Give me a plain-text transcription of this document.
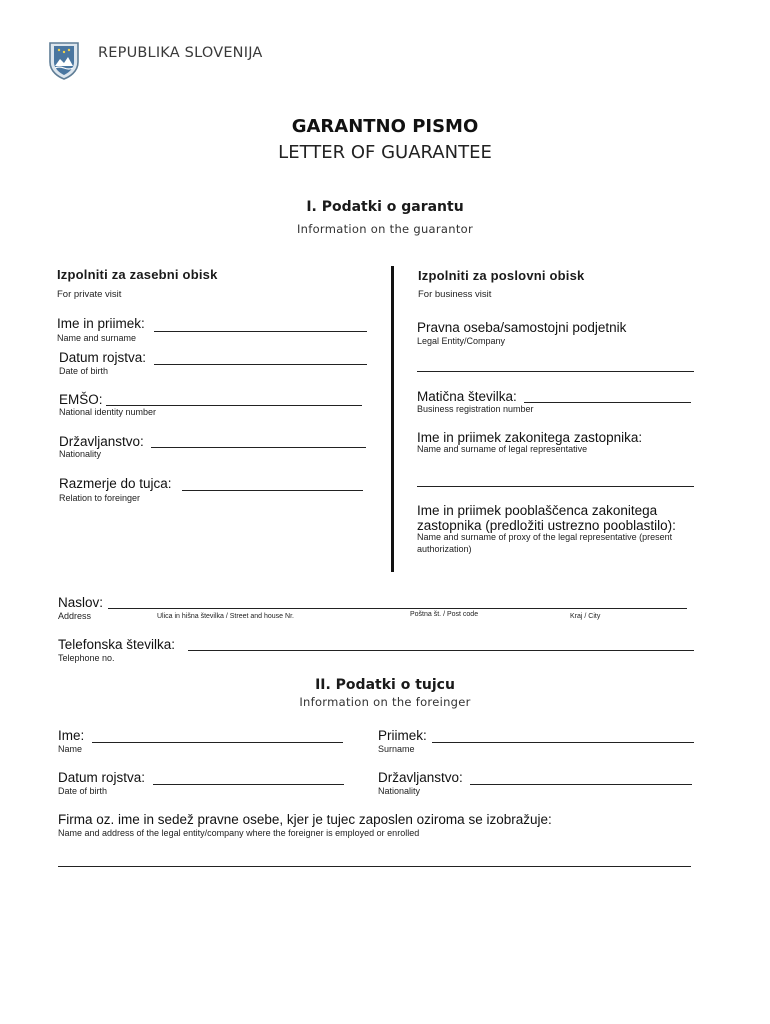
REPUBLIKA SLOVENIJA
GARANTNO PISMO
LETTER OF GUARANTEE
I. Podatki o garantu
Information on the guarantor
Izpolniti za zasebni obisk
For private visit
Ime in priimek:
Name and surname
Datum rojstva:
Date of birth
EMŠO:
National identity number
Državljanstvo:
Nationality
Razmerje do tujca:
Relation to foreinger
Izpolniti za poslovni obisk
For business visit
Pravna oseba/samostojni podjetnik
Legal Entity/Company
Matična številka:
Business registration number
Ime in priimek zakonitega zastopnika:
Name and surname of legal representative
Ime in priimek pooblaščenca zakonitega
zastopnika (predložiti ustrezno pooblastilo):
Name and surname of proxy of the legal representative (present
authorization)
Naslov:
Address	Ulica in hišna številka / Street and house Nr.	Poštna št. / Post code	Kraj / City
Telefonska številka:
Telephone no.
II. Podatki o tujcu
Information on the foreinger
Ime:
Name
Priimek:
Surname
Datum rojstva:
Date of birth
Državljanstvo:
Nationality
Firma oz. ime in sedež pravne osebe, kjer je tujec zaposlen oziroma se izobražuje:
Name and address of the legal entity/company where the foreigner is employed or enrolled
